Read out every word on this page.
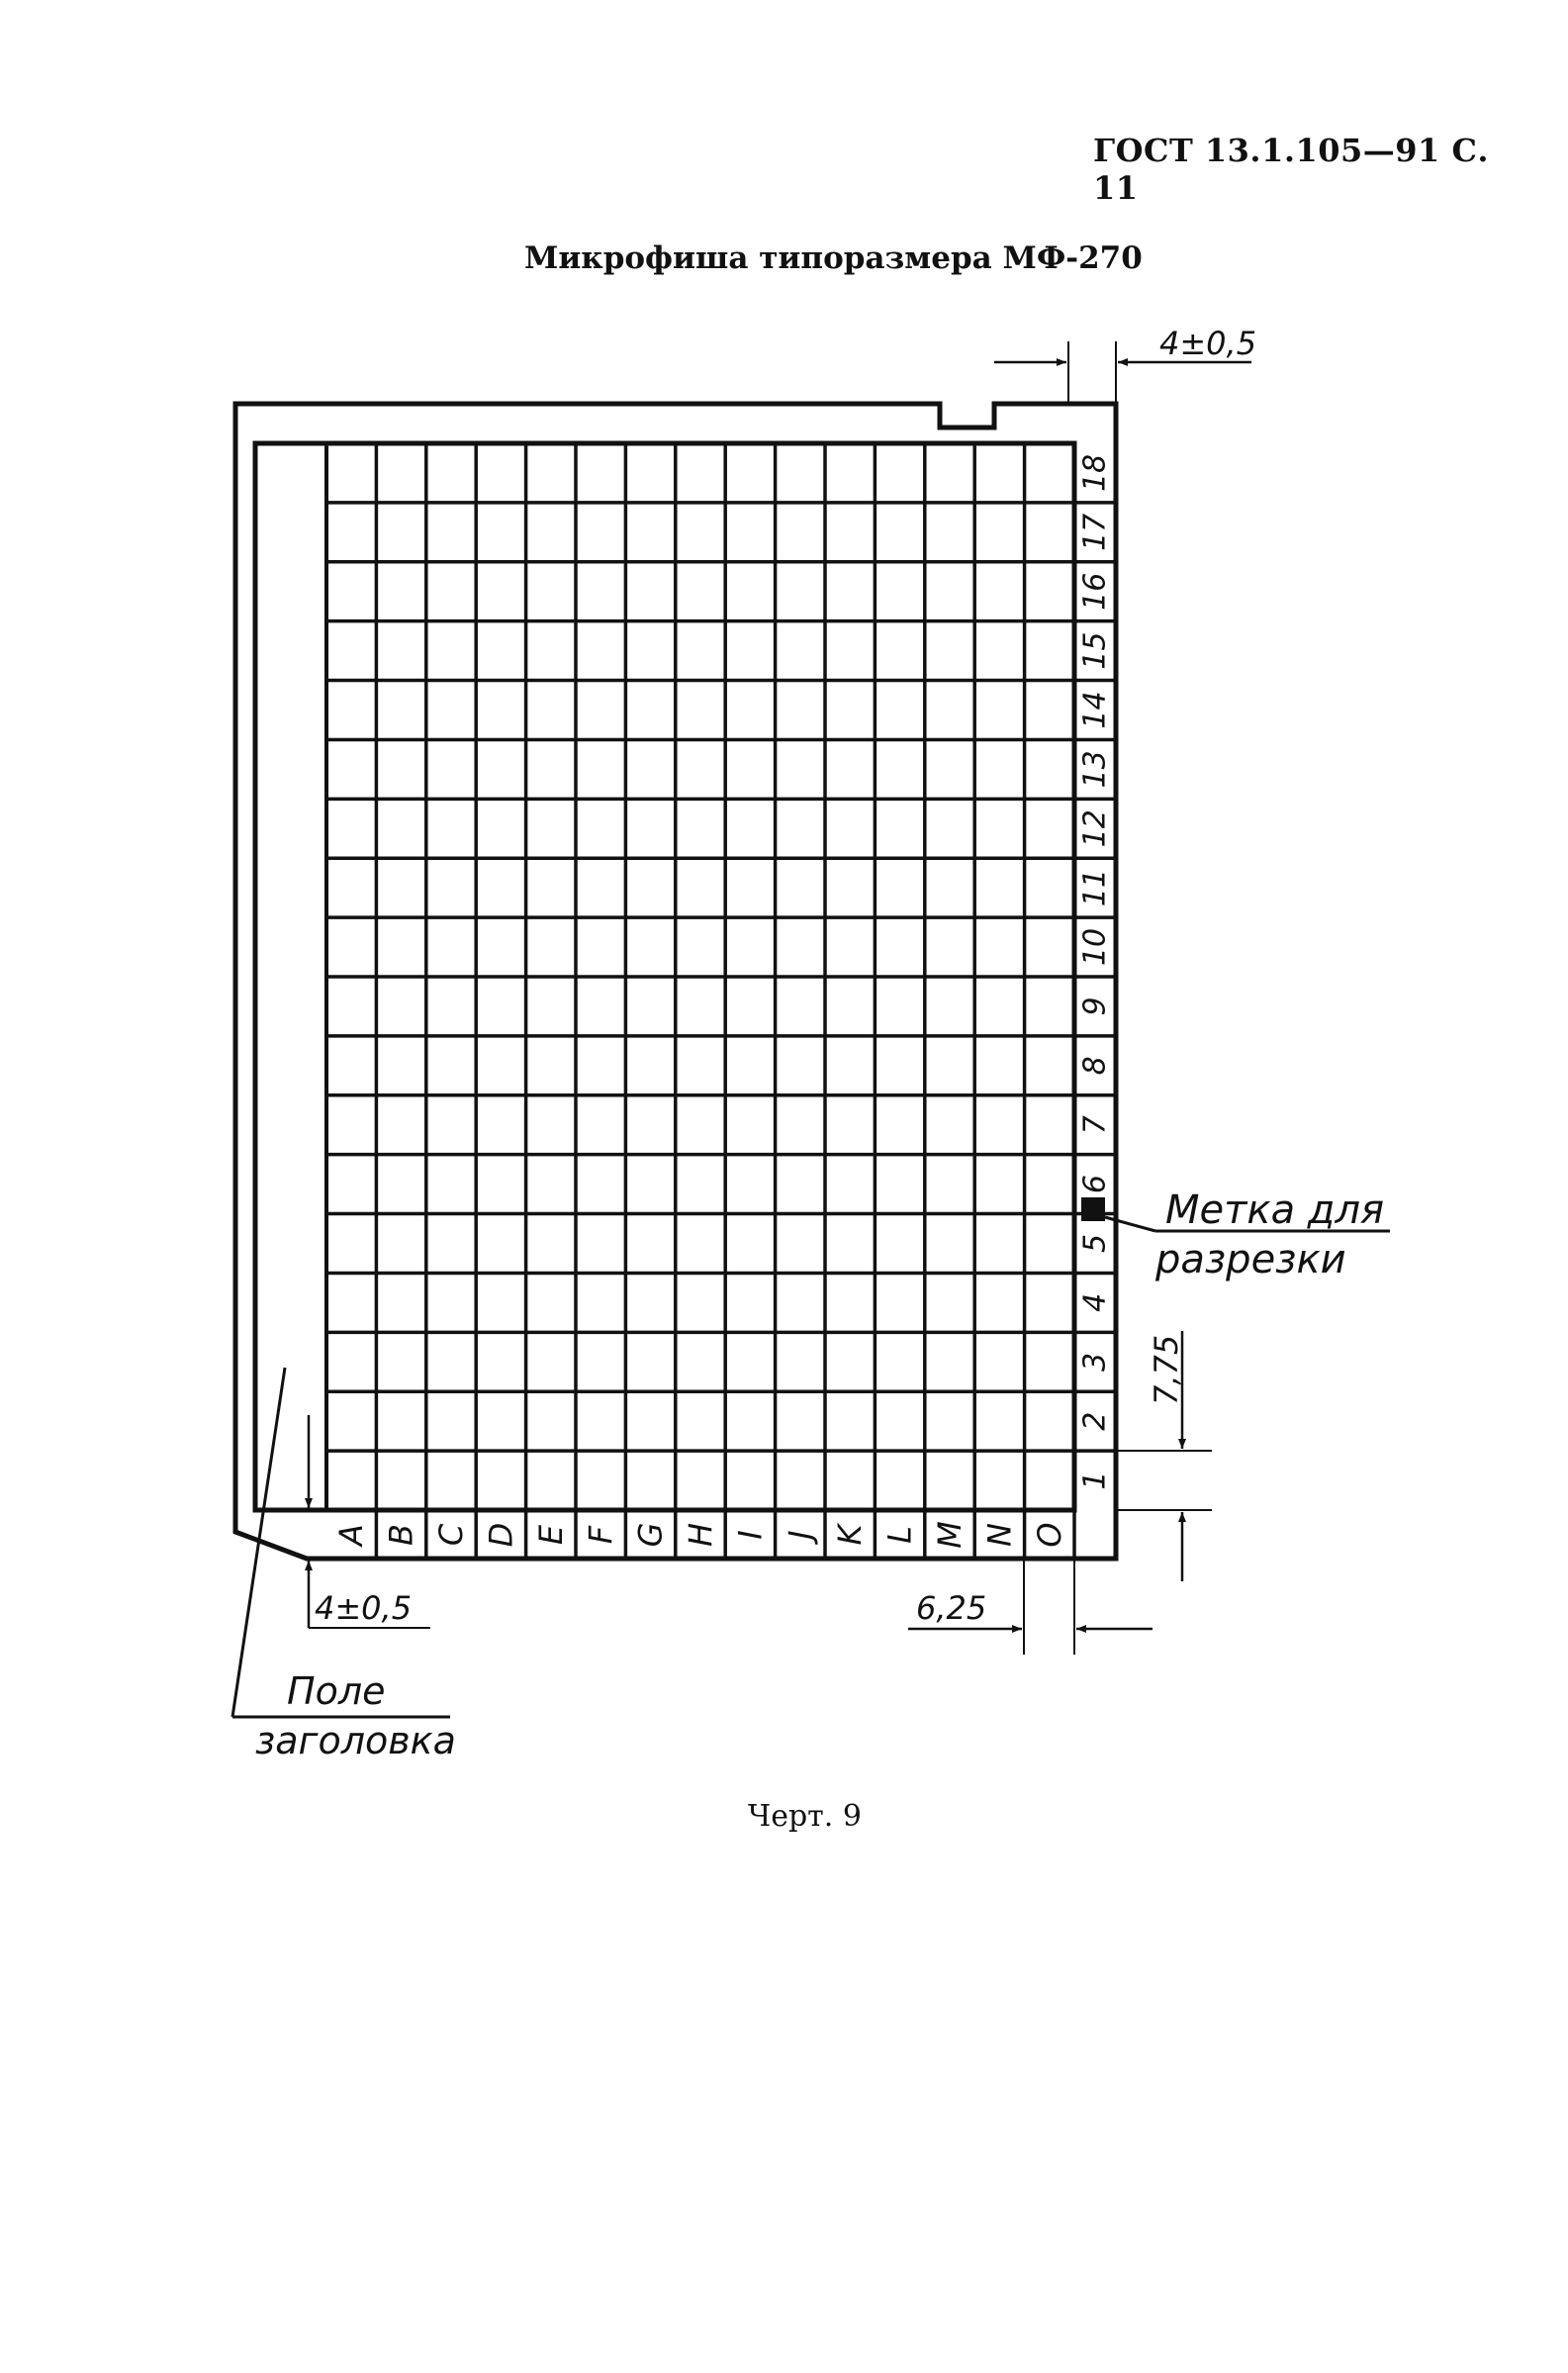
ГОСТ 13.1.105—91 С. 11
Микрофиша типоразмера МФ-270
A B C D E F G H I J K L M N O
1
2
3
4
5
6
7
8
9
10
11
12
13
14
15
16
17
18
Метка для
разрезки
4±0,5
7,75
6,25
4±0,5
Поле
заголовка
Черт. 9
